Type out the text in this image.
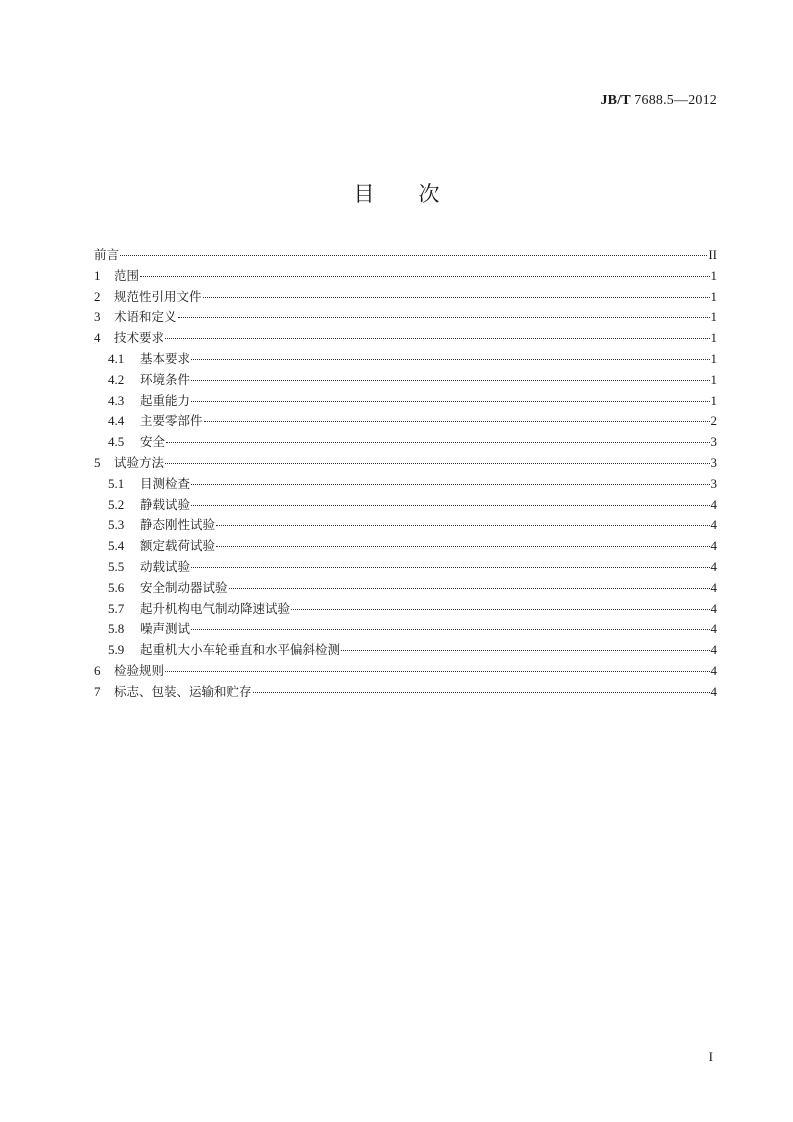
JB/T 7688.5—2012
目次
前言	II
1	范围	1
2	规范性引用文件	1
3	术语和定义	1
4	技术要求	1
4.1	基本要求	1
4.2	环境条件	1
4.3	起重能力	1
4.4	主要零部件	2
4.5	安全	3
5	试验方法	3
5.1	目测检查	3
5.2	静载试验	4
5.3	静态刚性试验	4
5.4	额定载荷试验	4
5.5	动载试验	4
5.6	安全制动器试验	4
5.7	起升机构电气制动降速试验	4
5.8	噪声测试	4
5.9	起重机大小车轮垂直和水平偏斜检测	4
6	检验规则	4
7	标志、包装、运输和贮存	4
I
